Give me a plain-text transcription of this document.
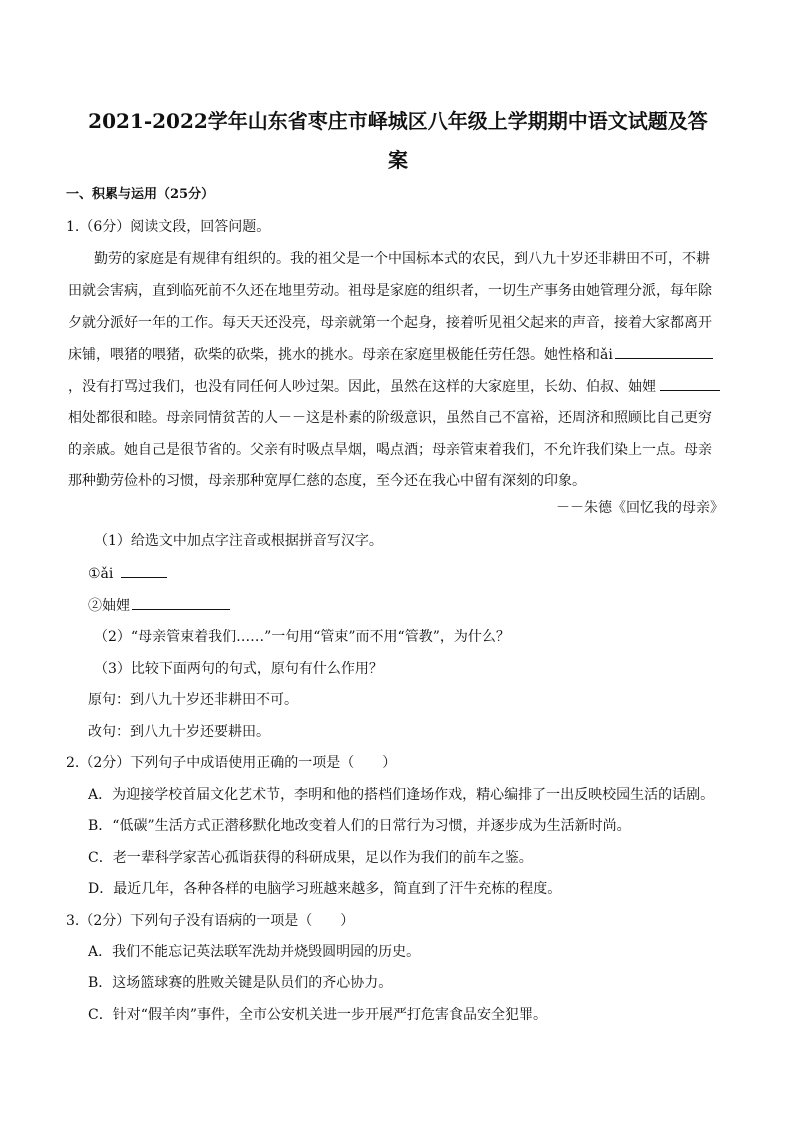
2021-2022学年山东省枣庄市峄城区八年级上学期期中语文试题及答
案
一、积累与运用（25分）
1.（6分）阅读文段，回答问题。
勤劳的家庭是有规律有组织的。我的祖父是一个中国标本式的农民，到八九十岁还非耕田不可，不耕
田就会害病，直到临死前不久还在地里劳动。祖母是家庭的组织者，一切生产事务由她管理分派，每年除
夕就分派好一年的工作。每天天还没亮，母亲就第一个起身，接着听见祖父起来的声音，接着大家都离开
床铺，喂猪的喂猪，砍柴的砍柴，挑水的挑水。母亲在家庭里极能任劳任怨。她性格和ǎi
，没有打骂过我们，也没有同任何人吵过架。因此，虽然在这样的大家庭里，长幼、伯叔、妯娌
相处都很和睦。母亲同情贫苦的人－－这是朴素的阶级意识，虽然自己不富裕，还周济和照顾比自己更穷
的亲戚。她自己是很节省的。父亲有时吸点旱烟，喝点酒；母亲管束着我们，不允许我们染上一点。母亲
那种勤劳俭朴的习惯，母亲那种宽厚仁慈的态度，至今还在我心中留有深刻的印象。
－－朱德《回忆我的母亲》
（1）给选文中加点字注音或根据拼音写汉字。
①ǎi
②妯娌
（2）“母亲管束着我们……”一句用“管束”而不用“管教”，为什么？
（3）比较下面两句的句式，原句有什么作用？
原句：到八九十岁还非耕田不可。
改句：到八九十岁还要耕田。
2.（2分）下列句子中成语使用正确的一项是（　　）
A．为迎接学校首届文化艺术节，李明和他的搭档们逢场作戏，精心编排了一出反映校园生活的话剧。
B．“低碳”生活方式正潜移默化地改变着人们的日常行为习惯，并逐步成为生活新时尚。
C．老一辈科学家苦心孤诣获得的科研成果，足以作为我们的前车之鉴。
D．最近几年，各种各样的电脑学习班越来越多，简直到了汗牛充栋的程度。
3.（2分）下列句子没有语病的一项是（　　）
A．我们不能忘记英法联军洗劫并烧毁圆明园的历史。
B．这场篮球赛的胜败关键是队员们的齐心协力。
C．针对“假羊肉”事件，全市公安机关进一步开展严打危害食品安全犯罪。
